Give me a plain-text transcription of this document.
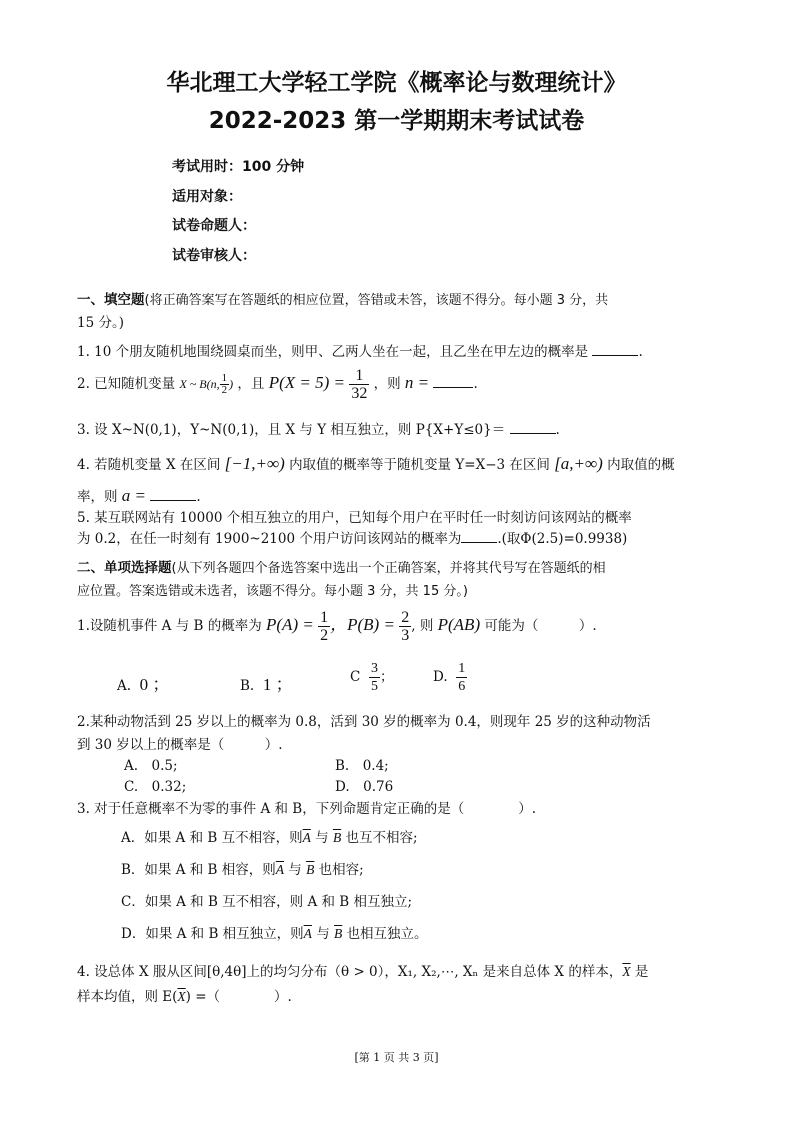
华北理工大学轻工学院《概率论与数理统计》
2022-2023 第一学期期末考试试卷
考试用时：100 分钟
适用对象：
试卷命题人：
试卷审核人：
一、填空题(将正确答案写在答题纸的相应位置，答错或未答，该题不得分。每小题 3 分，共
15 分。)
1. 10 个朋友随机地围绕圆桌而坐，则甲、乙两人坐在一起，且乙坐在甲左边的概率是	.
2. 已知随机变量 X ~ B(n, $\frac{1}{2}$ ) ，且 $P(X = 5) = \frac{1}{32}$ ，则 n =	.
3. 设 X~N(0,1)，Y~N(0,1)，且 X 与 Y 相互独立，则 P{X+Y≤0}＝	.
4. 若随机变量 X 在区间 [−1,+∞) 内取值的概率等于随机变量 Y=X−3 在区间 [a,+∞) 内取值的概
率，则 a =	.
5. 某互联网站有 10000 个相互独立的用户，已知每个用户在平时任一时刻访问该网站的概率
为 0.2，在任一时刻有 1900~2100 个用户访问该网站的概率为	.(取Φ(2.5)=0.9938)
二、单项选择题(从下列各题四个备选答案中选出一个正确答案，并将其代号写在答题纸的相
应位置。答案选错或未选者，该题不得分。每小题 3 分，共 15 分。)
1.设随机事件 A 与 B 的概率为 $P(A) = \frac{1}{2}$ ，$P(B) = \frac{2}{3}$ , 则 P(AB) 可能为（　　　）.
A. 0 ；	B. 1 ；	C $\frac{3}{5}$ ；	D. $\frac{1}{6}$
2.某种动物活到 25 岁以上的概率为 0.8，活到 30 岁的概率为 0.4，则现年 25 岁的这种动物活
到 30 岁以上的概率是（　　　）.
A.　0.5;	B.　0.4;
C.　0.32;	D.　0.76
3. 对于任意概率不为零的事件 A 和 B，下列命题肯定正确的是（　　　　）.
A．如果 A 和 B 互不相容，则$\overline{A}$ 与 $\overline{B}$ 也互不相容;
B．如果 A 和 B 相容，则$\overline{A}$ 与 $\overline{B}$ 也相容;
C．如果 A 和 B 互不相容，则 A 和 B 相互独立;
D．如果 A 和 B 相互独立，则$\overline{A}$ 与 $\overline{B}$ 也相互独立。
4. 设总体 X 服从区间[θ,4θ]上的均匀分布（θ > 0），X₁, X₂,⋯, Xₙ 是来自总体 X 的样本，$\overline{X}$ 是
样本均值，则 $E(\overline{X})$ =（　　　　）.
[第 1 页 共 3 页]
